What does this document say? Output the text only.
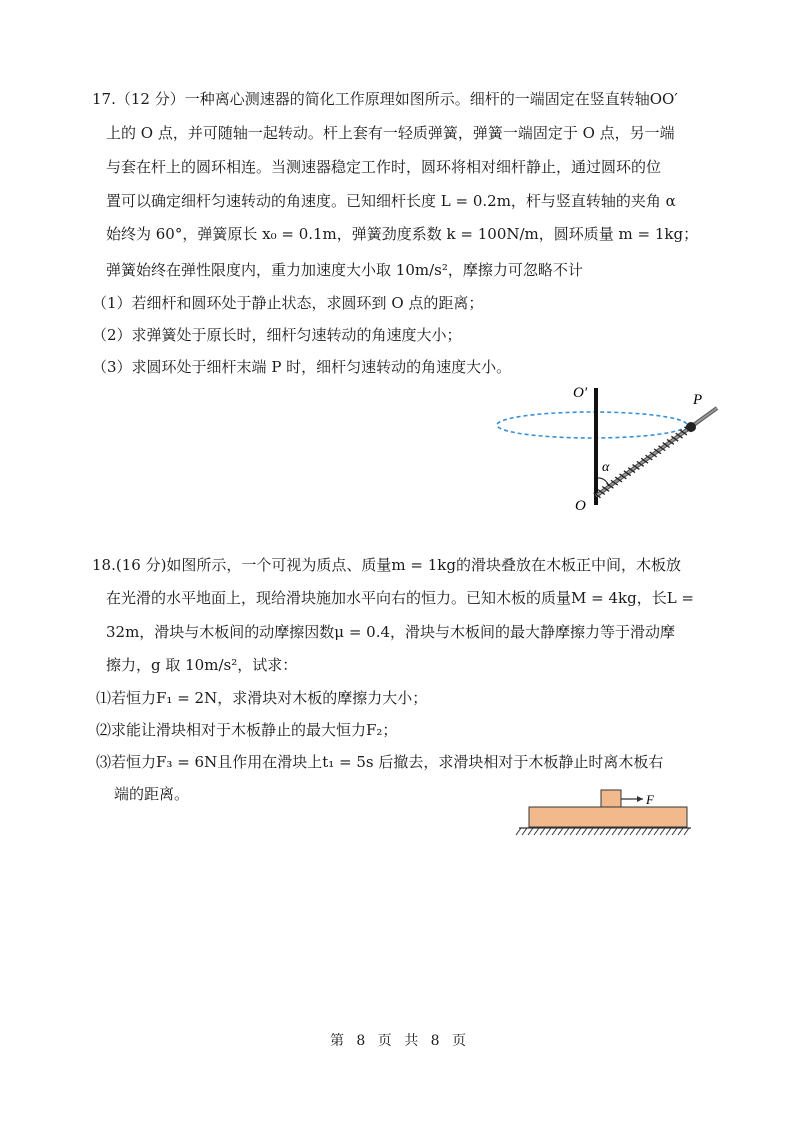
17.（12 分）一种离心测速器的简化工作原理如图所示。细杆的一端固定在竖直转轴OO′
上的 O 点，并可随轴一起转动。杆上套有一轻质弹簧，弹簧一端固定于 O 点，另一端
与套在杆上的圆环相连。当测速器稳定工作时，圆环将相对细杆静止，通过圆环的位
置可以确定细杆匀速转动的角速度。已知细杆长度 L = 0.2m，杆与竖直转轴的夹角 α
始终为 60°，弹簧原长 x₀ = 0.1m，弹簧劲度系数 k = 100N/m，圆环质量 m = 1kg；
弹簧始终在弹性限度内，重力加速度大小取 10m/s²，摩擦力可忽略不计
（1）若细杆和圆环处于静止状态，求圆环到 O 点的距离；
（2）求弹簧处于原长时，细杆匀速转动的角速度大小；
（3）求圆环处于细杆末端 P 时，细杆匀速转动的角速度大小。
O′	P
α
O
18.(16 分)如图所示，一个可视为质点、质量m = 1kg的滑块叠放在木板正中间，木板放
在光滑的水平地面上，现给滑块施加水平向右的恒力。已知木板的质量M = 4kg，长L =
32m，滑块与木板间的动摩擦因数μ = 0.4，滑块与木板间的最大静摩擦力等于滑动摩
擦力，g 取 10m/s²，试求：
⑴若恒力F₁ = 2N，求滑块对木板的摩擦力大小；
⑵求能让滑块相对于木板静止的最大恒力F₂；
⑶若恒力F₃ = 6N且作用在滑块上t₁ = 5s 后撤去，求滑块相对于木板静止时离木板右
端的距离。	F
第 8 页 共 8 页
